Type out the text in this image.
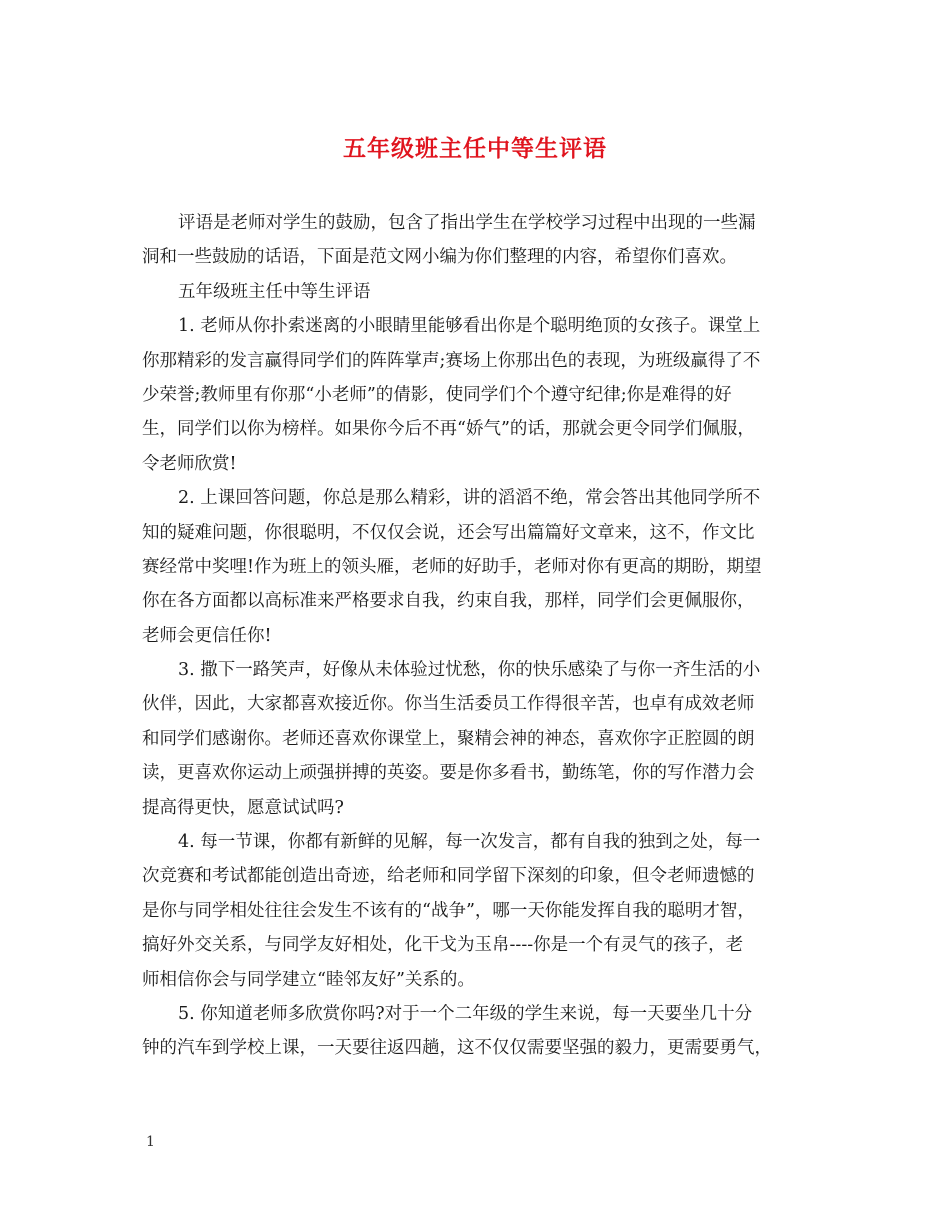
五年级班主任中等生评语
评语是老师对学生的鼓励，包含了指出学生在学校学习过程中出现的一些漏
洞和一些鼓励的话语，下面是范文网小编为你们整理的内容，希望你们喜欢。
五年级班主任中等生评语
1. 老师从你扑索迷离的小眼睛里能够看出你是个聪明绝顶的女孩子。课堂上
你那精彩的发言赢得同学们的阵阵掌声;赛场上你那出色的表现，为班级赢得了不
少荣誉;教师里有你那“小老师”的倩影，使同学们个个遵守纪律;你是难得的好
生，同学们以你为榜样。如果你今后不再“娇气”的话，那就会更令同学们佩服，
令老师欣赏!
2. 上课回答问题，你总是那么精彩，讲的滔滔不绝，常会答出其他同学所不
知的疑难问题，你很聪明，不仅仅会说，还会写出篇篇好文章来，这不，作文比
赛经常中奖哩!作为班上的领头雁，老师的好助手，老师对你有更高的期盼，期望
你在各方面都以高标准来严格要求自我，约束自我，那样，同学们会更佩服你，
老师会更信任你!
3. 撒下一路笑声，好像从未体验过忧愁，你的快乐感染了与你一齐生活的小
伙伴，因此，大家都喜欢接近你。你当生活委员工作得很辛苦，也卓有成效老师
和同学们感谢你。老师还喜欢你课堂上，聚精会神的神态，喜欢你字正腔圆的朗
读，更喜欢你运动上顽强拼搏的英姿。要是你多看书，勤练笔，你的写作潜力会
提高得更快，愿意试试吗?
4. 每一节课，你都有新鲜的见解，每一次发言，都有自我的独到之处，每一
次竞赛和考试都能创造出奇迹，给老师和同学留下深刻的印象，但令老师遗憾的
是你与同学相处往往会发生不该有的“战争”，哪一天你能发挥自我的聪明才智，
搞好外交关系，与同学友好相处，化干戈为玉帛----你是一个有灵气的孩子，老
师相信你会与同学建立“睦邻友好”关系的。
5. 你知道老师多欣赏你吗?对于一个二年级的学生来说，每一天要坐几十分
钟的汽车到学校上课，一天要往返四趟，这不仅仅需要坚强的毅力，更需要勇气，
1
